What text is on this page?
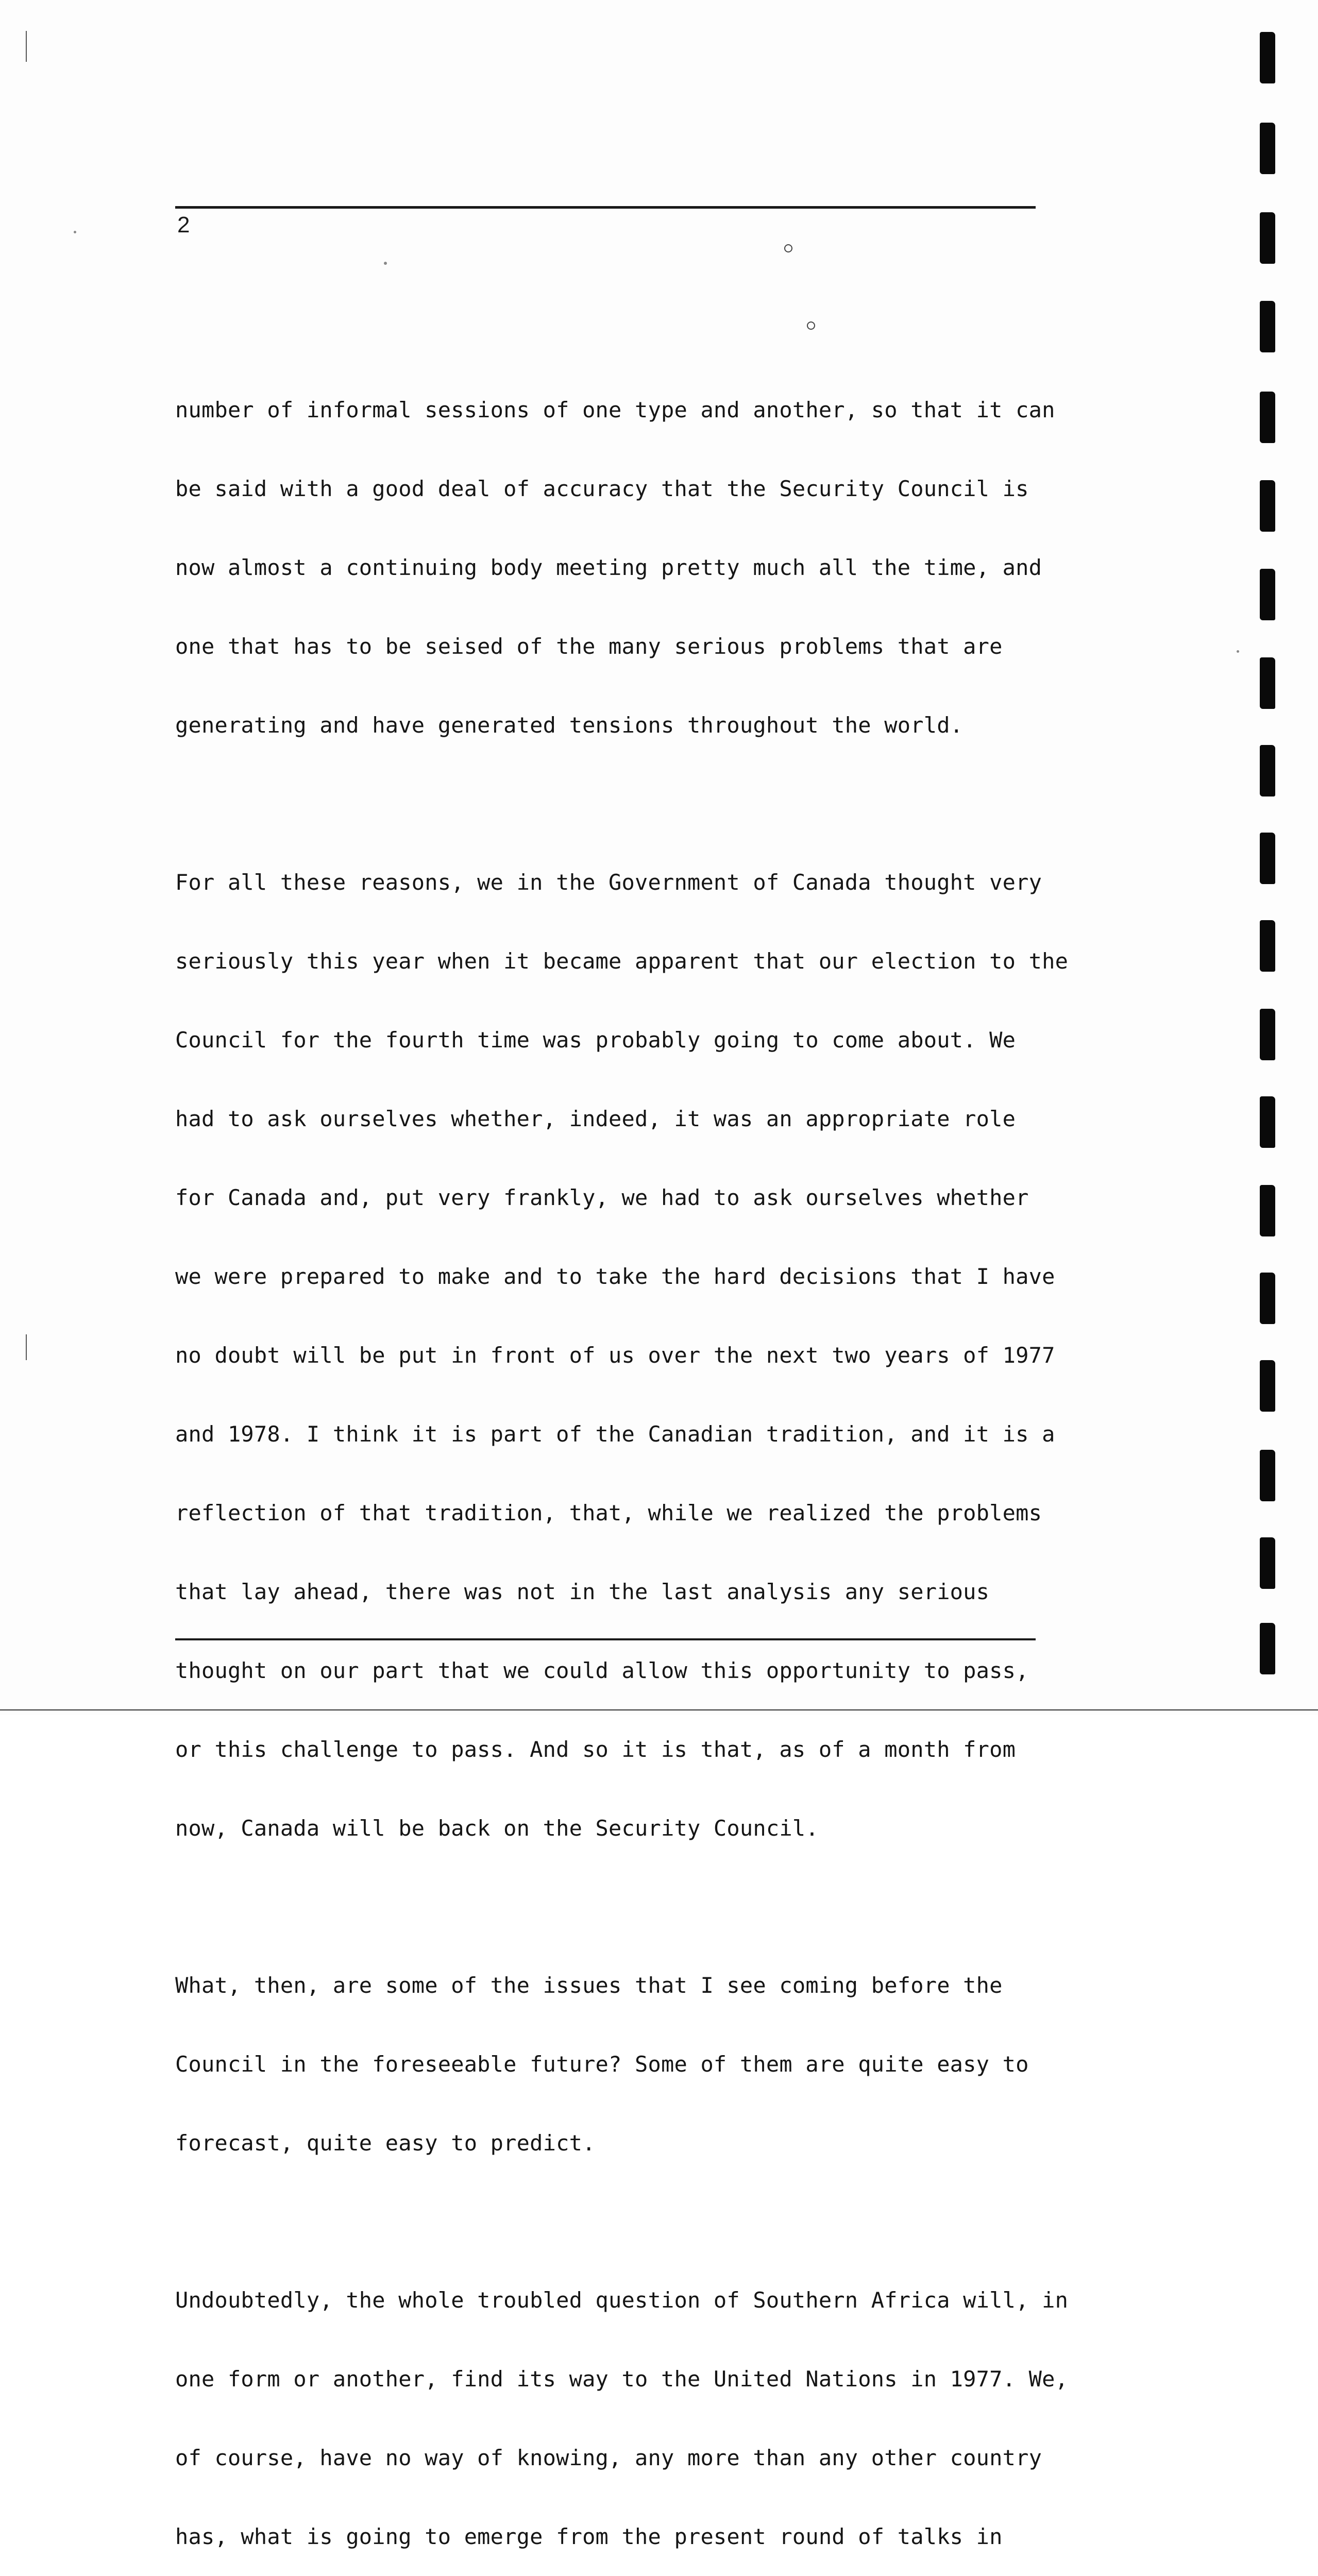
2

number of informal sessions of one type and another, so that it can

be said with a good deal of accuracy that the Security Council is

now almost a continuing body meeting pretty much all the time, and

one that has to be seised of the many serious problems that are

generating and have generated tensions throughout the world.

For all these reasons, we in the Government of Canada thought very

seriously this year when it became apparent that our election to the

Council for the fourth time was probably going to come about. We

had to ask ourselves whether, indeed, it was an appropriate role

for Canada and, put very frankly, we had to ask ourselves whether

we were prepared to make and to take the hard decisions that I have

no doubt will be put in front of us over the next two years of 1977

and 1978. I think it is part of the Canadian tradition, and it is a

reflection of that tradition, that, while we realized the problems

that lay ahead, there was not in the last analysis any serious

thought on our part that we could allow this opportunity to pass,

or this challenge to pass. And so it is that, as of a month from

now, Canada will be back on the Security Council.

What, then, are some of the issues that I see coming before the

Council in the foreseeable future? Some of them are quite easy to

forecast, quite easy to predict.

Undoubtedly, the whole troubled question of Southern Africa will, in

one form or another, find its way to the United Nations in 1977. We,

of course, have no way of knowing, any more than any other country

has, what is going to emerge from the present round of talks in
